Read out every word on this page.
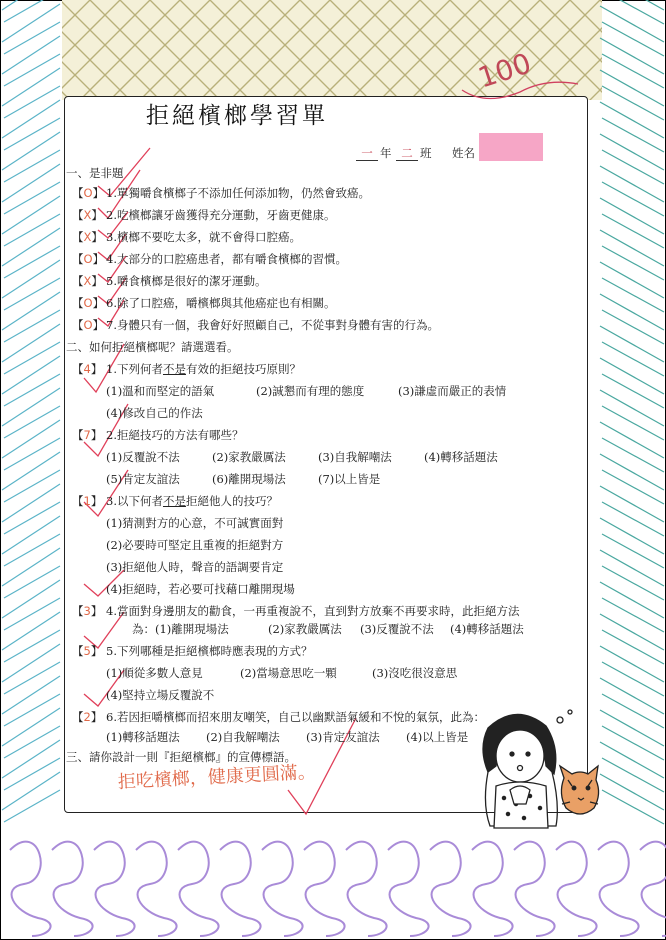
100
拒絕檳榔學習單
一 年 二 班 姓名
一、是非題
【O】 1.單獨嚼食檳榔子不添加任何添加物，仍然會致癌。
【X】 2.吃檳榔讓牙齒獲得充分運動，牙齒更健康。
【X】 3.檳榔不要吃太多，就不會得口腔癌。
【O】 4.大部分的口腔癌患者，都有嚼食檳榔的習慣。
【X】 5.嚼食檳榔是很好的潔牙運動。
【O】 6.除了口腔癌，嚼檳榔與其他癌症也有相關。
【O】 7.身體只有一個，我會好好照顧自己，不從事對身體有害的行為。
二、如何拒絕檳榔呢？請選選看。
【4】 1.下列何者不是有效的拒絕技巧原則？
(1)溫和而堅定的語氣	(2)誠懇而有理的態度	(3)謙虛而嚴正的表情
(4)修改自己的作法
【7】 2.拒絕技巧的方法有哪些？
(1)反覆說不法	(2)家教嚴厲法	(3)自我解嘲法	(4)轉移話題法
(5)肯定友誼法	(6)離開現場法	(7)以上皆是
【1】 3.以下何者不是拒絕他人的技巧？
(1)猜測對方的心意，不可誠實面對
(2)必要時可堅定且重複的拒絕對方
(3)拒絕他人時，聲音的語調要肯定
(4)拒絕時，若必要可找藉口離開現場
【3】 4.當面對身邊朋友的勸食，一再重複說不，直到對方放棄不再要求時，此拒絕方法
為：(1)離開現場法	(2)家教嚴厲法 (3)反覆說不法 (4)轉移話題法
【5】 5.下列哪種是拒絕檳榔時應表現的方式？
(1)順從多數人意見	(2)當場意思吃一顆	(3)沒吃很沒意思
(4)堅持立場反覆說不
【2】 6.若因拒嚼檳榔而招來朋友嘲笑，自己以幽默語氣緩和不悅的氣氛，此為：
(1)轉移話題法 (2)自我解嘲法 (3)肯定友誼法 (4)以上皆是
三、請你設計一則『拒絕檳榔』的宣傳標語。
拒吃檳榔，健康更圓滿。
